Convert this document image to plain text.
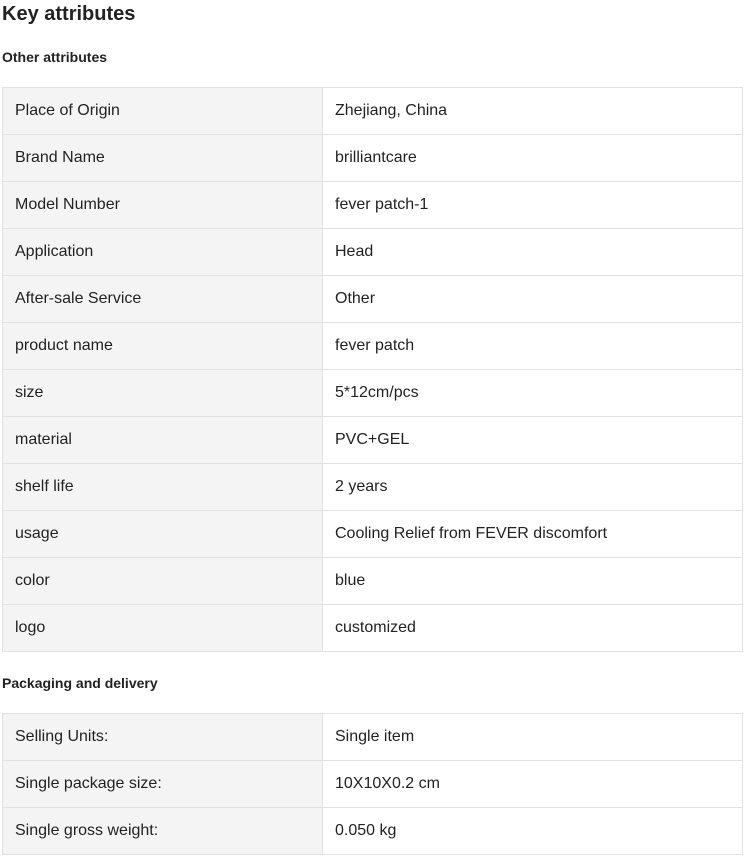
Key attributes
Other attributes
Place of Origin	Zhejiang, China
Brand Name	brilliantcare
Model Number	fever patch-1
Application	Head
After-sale Service	Other
product name	fever patch
size	5*12cm/pcs
material	PVC+GEL
shelf life	2 years
usage	Cooling Relief from FEVER discomfort
color	blue
logo	customized
Packaging and delivery
Selling Units:	Single item
Single package size:	10X10X0.2 cm
Single gross weight:	0.050 kg
